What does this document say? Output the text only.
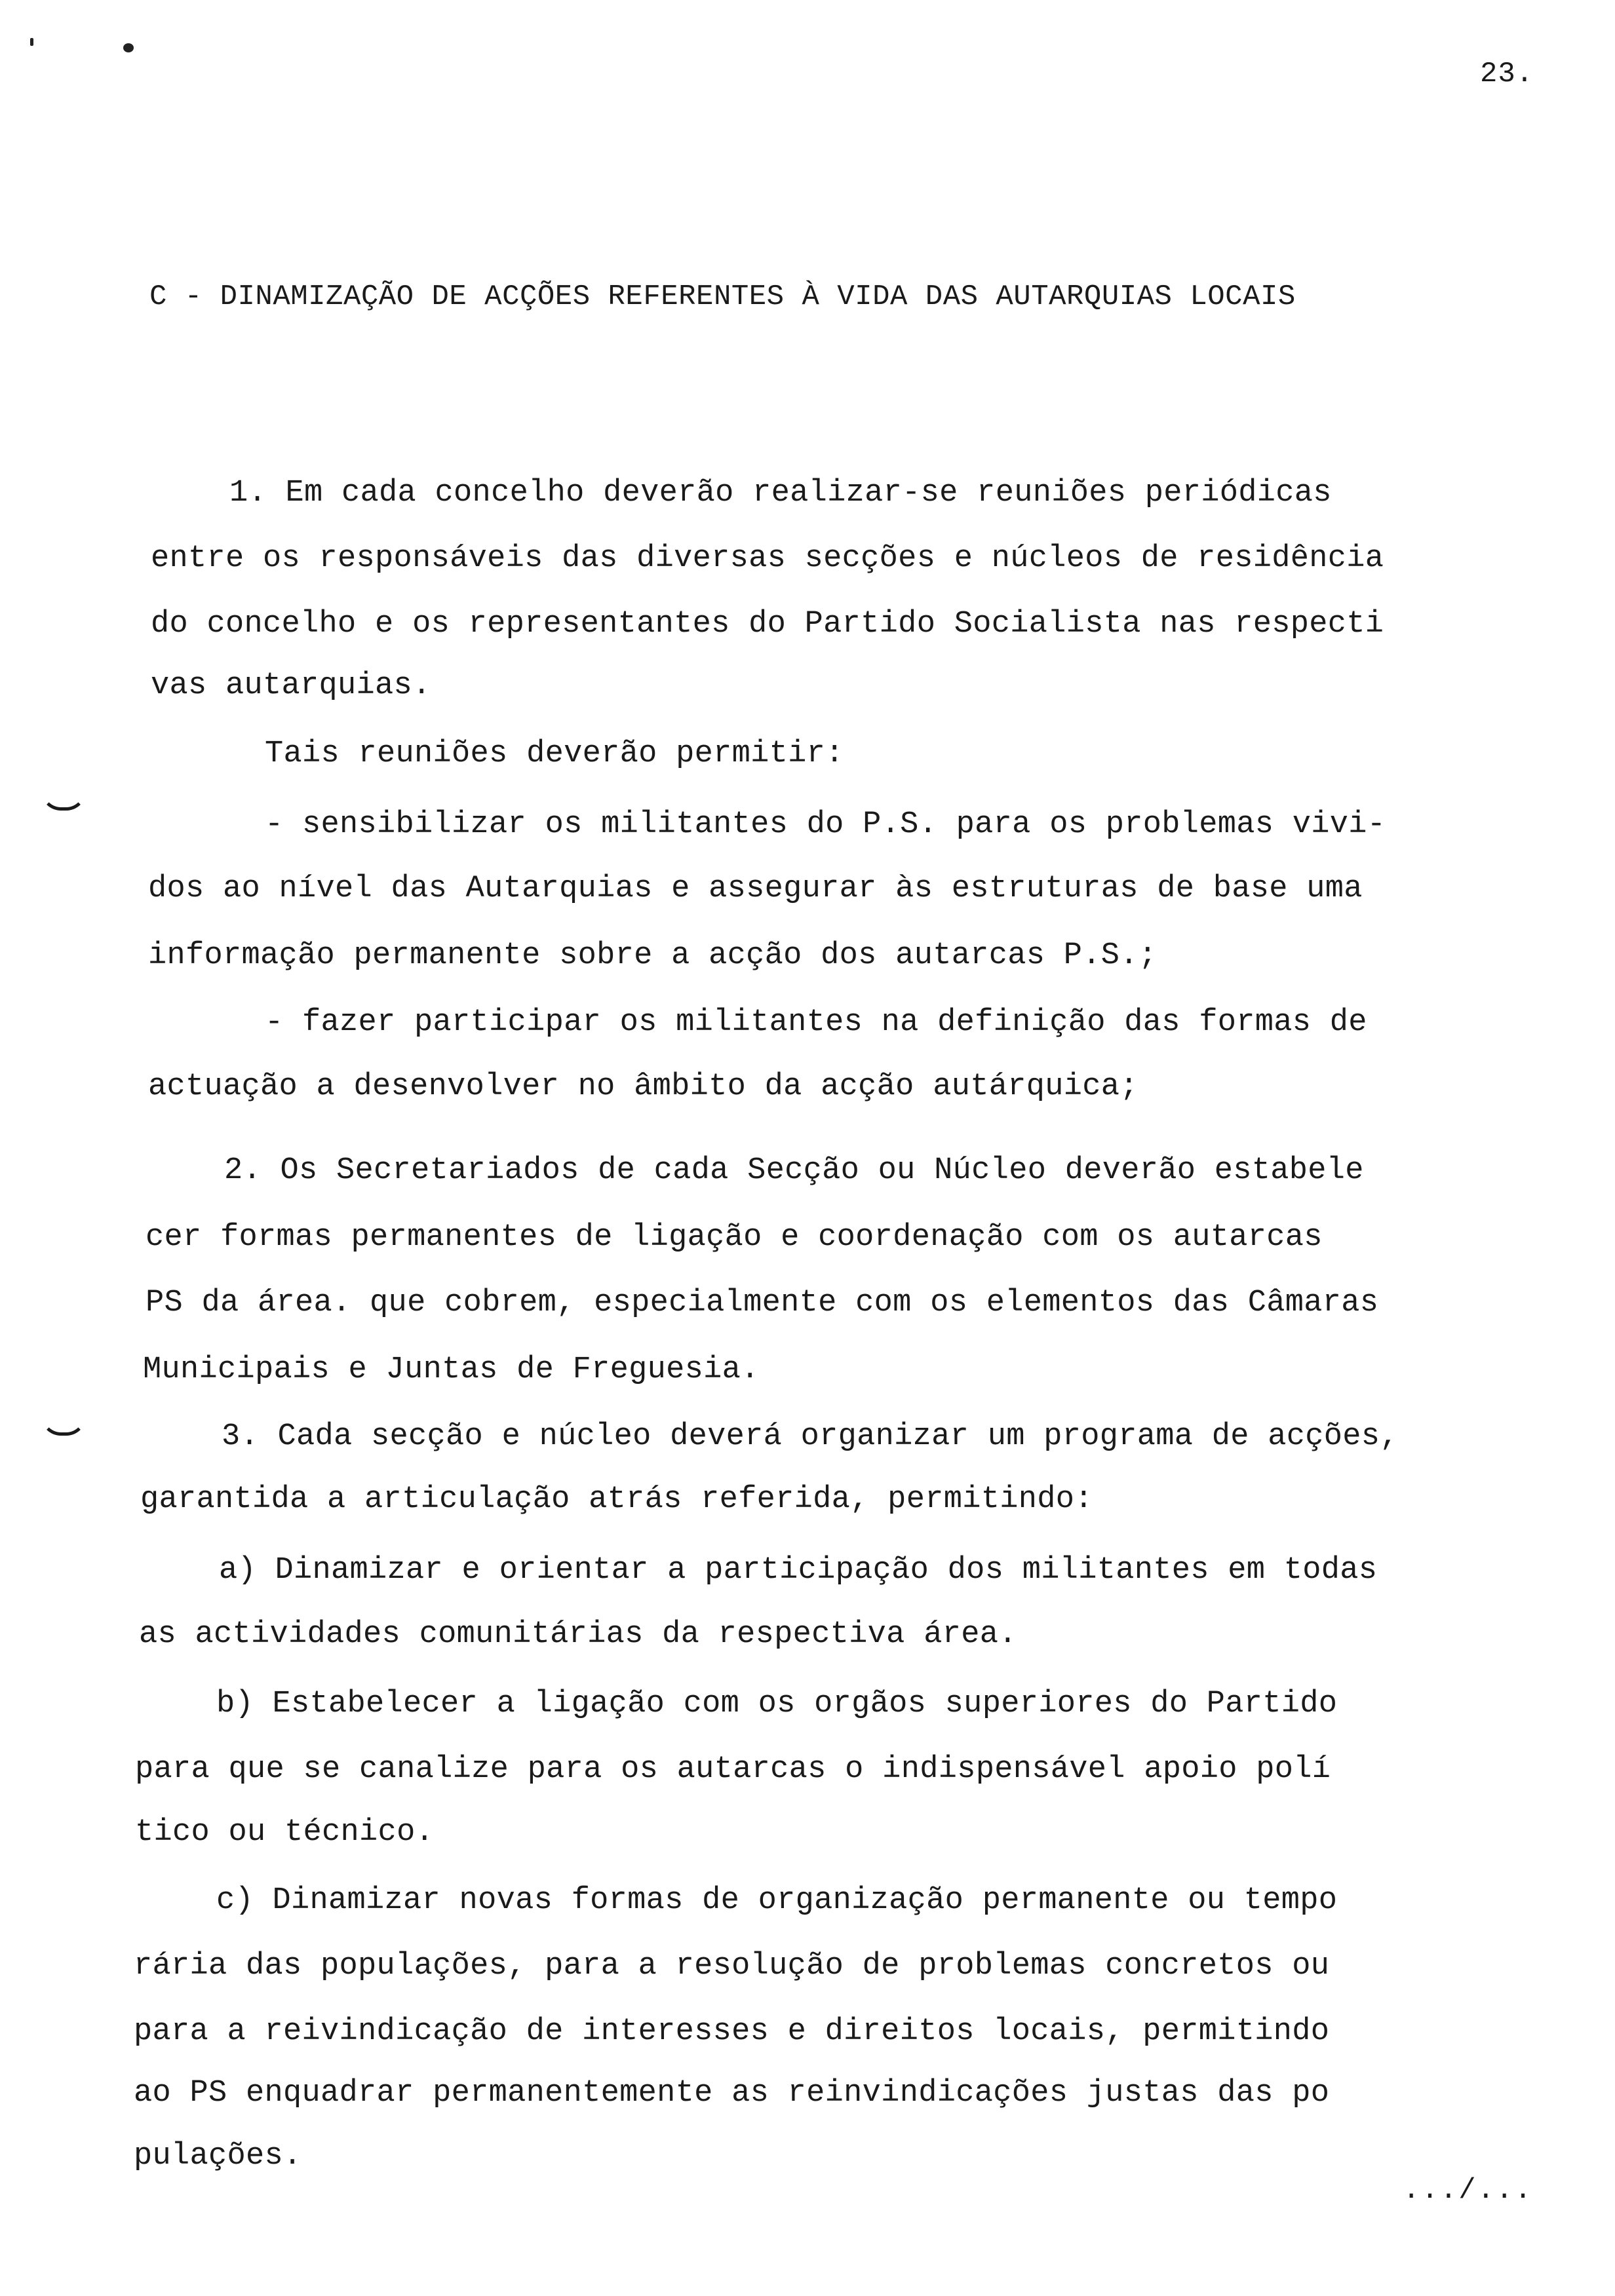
23.
C - DINAMIZAÇÃO DE ACÇÕES REFERENTES À VIDA DAS AUTARQUIAS LOCAIS
1. Em cada concelho deverão realizar-se reuniões periódicas
entre os responsáveis das diversas secções e núcleos de residência
do concelho e os representantes do Partido Socialista nas respecti
vas autarquias.
Tais reuniões deverão permitir:
- sensibilizar os militantes do P.S. para os problemas vivi-
dos ao nível das Autarquias e assegurar às estruturas de base uma
informação permanente sobre a acção dos autarcas P.S.;
- fazer participar os militantes na definição das formas de
actuação a desenvolver no âmbito da acção autárquica;
2. Os Secretariados de cada Secção ou Núcleo deverão estabele
cer formas permanentes de ligação e coordenação com os autarcas
PS da área. que cobrem, especialmente com os elementos das Câmaras
Municipais e Juntas de Freguesia.
3. Cada secção e núcleo deverá organizar um programa de acções,
garantida a articulação atrás referida, permitindo:
a) Dinamizar e orientar a participação dos militantes em todas
as actividades comunitárias da respectiva área.
b) Estabelecer a ligação com os orgãos superiores do Partido
para que se canalize para os autarcas o indispensável apoio polí
tico ou técnico.
c) Dinamizar novas formas de organização permanente ou tempo
rária das populações, para a resolução de problemas concretos ou
para a reivindicação de interesses e direitos locais, permitindo
ao PS enquadrar permanentemente as reinvindicações justas das po
pulações.
.../...
